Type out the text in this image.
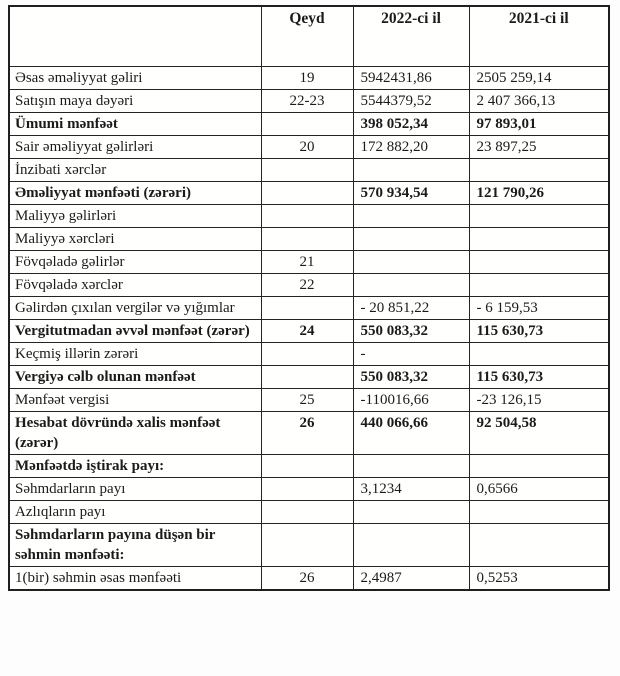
	Qeyd	2022-ci il	2021-ci il
Əsas əməliyyat gəliri	19	5942431,86	2505 259,14
Satışın maya dəyəri	22-23	5544379,52	2 407 366,13
Ümumi mənfəət		398 052,34	97 893,01
Sair əməliyyat gəlirləri	20	172 882,20	23 897,25
İnzibati xərclər			
Əməliyyat mənfəəti (zərəri)		570 934,54	121 790,26
Maliyyə gəlirləri			
Maliyyə xərcləri			
Fövqəladə gəlirlər	21		
Fövqəladə xərclər	22		
Gəlirdən çıxılan vergilər və yığımlar		- 20 851,22	- 6 159,53
Vergitutmadan əvvəl mənfəət (zərər)	24	550 083,32	115 630,73
Keçmiş illərin zərəri		-	
Vergiyə cəlb olunan mənfəət		550 083,32	115 630,73
Mənfəət vergisi	25	-110016,66	-23 126,15
Hesabat dövründə xalis mənfəət (zərər)	26	440 066,66	92 504,58
Mənfəətdə iştirak payı:			
Səhmdarların payı		3,1234	0,6566
Azlıqların payı			
Səhmdarların payına düşən bir səhmin mənfəəti:			
1(bir) səhmin əsas mənfəəti	26	2,4987	0,5253
